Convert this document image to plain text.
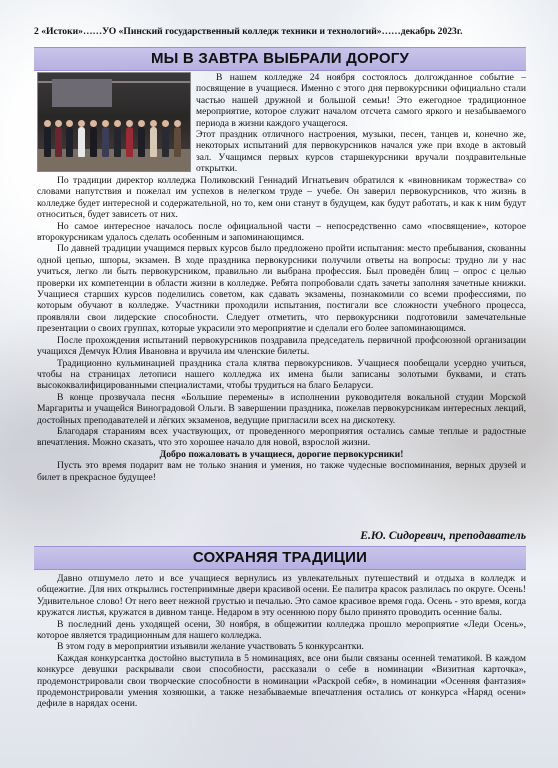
2 «Истоки»……УО «Пинский государственный колледж техники и технологий»……декабрь 2023г.
МЫ В ЗАВТРА ВЫБРАЛИ ДОРОГУ

В нашем колледже 24 ноября состоялось долгожданное событие – посвящение в учащиеся. Именно с этого дня первокурсники официально стали частью нашей дружной и большой семьи! Это ежегодное традиционное мероприятие, которое служит началом отсчета самого яркого и незабываемого периода в жизни каждого учащегося.

Этот праздник отличного настроения, музыки, песен, танцев и, конечно же, некоторых испытаний для первокурсников начался уже при входе в актовый зал. Учащимся первых курсов старшекурсники вручали поздравительные открытки.

По традиции директор колледжа Поликовский Геннадий Игнатьевич обратился к «виновникам торжества» со словами напутствия и пожелал им успехов в нелегком труде – учебе. Он заверил первокурсников, что жизнь в колледже будет интересной и содержательной, но то, кем они станут в будущем, как будут работать, и как к ним будут относиться, будет зависеть от них.

Но самое интересное началось после официальной части – непосредственно само «посвящение», которое второкурсникам удалось сделать особенным и запоминающимся.

По давней традиции учащимся первых курсов было предложено пройти испытания: место пребывания, скованны одной цепью, шпоры, экзамен. В ходе праздника первокурсники получили ответы на вопросы: трудно ли у нас учиться, легко ли быть первокурсником, правильно ли выбрана профессия. Был проведён блиц – опрос с целью проверки их компетенции в области жизни в колледже. Ребята попробовали сдать зачеты заполняя зачетные книжки. Учащиеся старших курсов поделились советом, как сдавать экзамены, познакомили со всеми профессиями, по которым обучают в колледже. Участники проходили испытания, постигали все сложности учебного процесса, проявляли свои лидерские способности. Следует отметить, что первокурсники подготовили замечательные презентации о своих группах, которые украсили это мероприятие и сделали его более запоминающимся.

После прохождения испытаний первокурсников поздравила председатель первичной профсоюзной организации учащихся Демчук Юлия Ивановна и вручила им членские билеты.

Традиционно кульминацией праздника стала клятва первокурсников. Учащиеся пообещали усердно учиться, чтобы на страницах летописи нашего колледжа их имена были записаны золотыми буквами, и стать высококвалифицированными специалистами, чтобы трудиться на благо Беларуси.

В конце прозвучала песня «Большие перемены» в исполнении руководителя вокальной студии Морской Маргариты и учащейся Виноградовой Ольги. В завершении праздника, пожелав первокурсникам интересных лекций, достойных преподавателей и лёгких экзаменов, ведущие пригласили всех на дискотеку.

Благодаря стараниям всех участвующих, от проведенного мероприятия остались самые теплые и радостные впечатления. Можно сказать, что это хорошее начало для новой, взрослой жизни.

Добро пожаловать в учащиеся, дорогие первокурсники!

Пусть это время подарит вам не только знания и умения, но также чудесные воспоминания, верных друзей и билет в прекрасное будущее!

Е.Ю. Сидоревич, преподаватель
СОХРАНЯЯ ТРАДИЦИИ

Давно отшумело лето и все учащиеся вернулись из увлекательных путешествий и отдыха в колледж и общежитие. Для них открылись гостеприимные двери красивой осени. Ее палитра красок разлилась по округе. Осень! Удивительное слово! От него веет нежной грустью и печалью. Это самое красивое время года. Осень - это время, когда кружатся листья, кружатся в дивном танце. Недаром в эту осеннюю пору было принято проводить осенние балы.

В последний день уходящей осени, 30 ноября, в общежитии колледжа прошло мероприятие «Леди Осень», которое является традиционным для нашего колледжа.

В этом году в мероприятии изъявили желание участвовать 5 конкурсантки.

Каждая конкурсантка достойно выступила в 5 номинациях, все они были связаны осенней тематикой. В каждом конкурсе девушки раскрывали свои способности, рассказали о себе в номинации «Визитная карточка», продемонстрировали свои творческие способности в номинации «Раскрой себя», в номинации «Осенняя фантазия» продемонстрировали умения хозяюшки, а также незабываемые впечатления остались от конкурса «Наряд осени» дефиле в нарядах осени.
